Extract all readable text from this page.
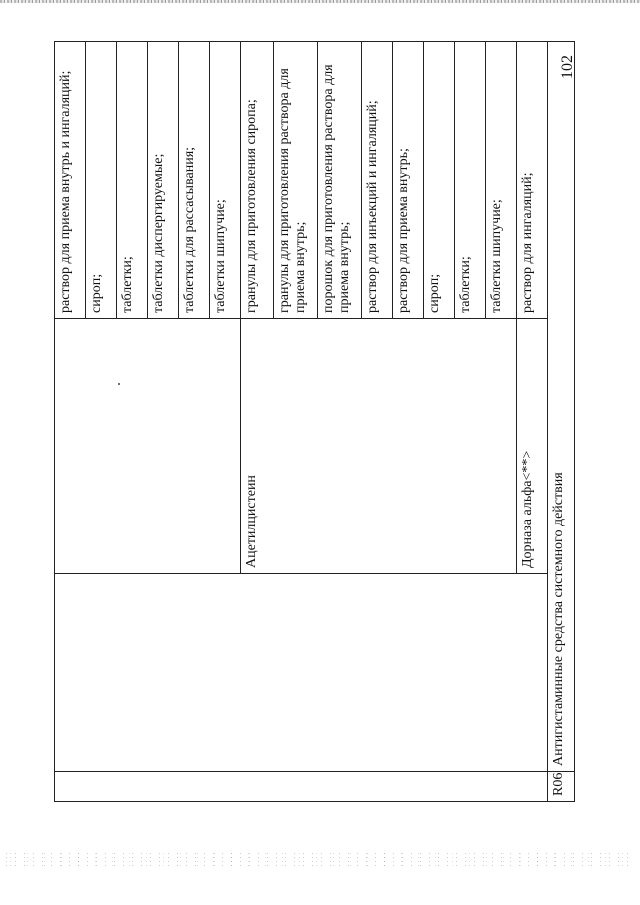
102
			раствор для приема внутрь и ингаляций;
			сироп;
			таблетки;
			таблетки диспергируемые;
			таблетки для рассасывания;
			таблетки шипучие;
		Ацетилцистеин	гранулы для приготовления сиропа;
			гранулы для приготовления раствора для приема внутрь;
			порошок для приготовления раствора для приема внутрь;
			раствор для инъекций и ингаляций;
			раствор для приема внутрь;
			сироп;
			таблетки;
			таблетки шипучие;
		Дорназа альфа<**>	раствор для ингаляций;
R06	Антигистаминные средства системного действия		
